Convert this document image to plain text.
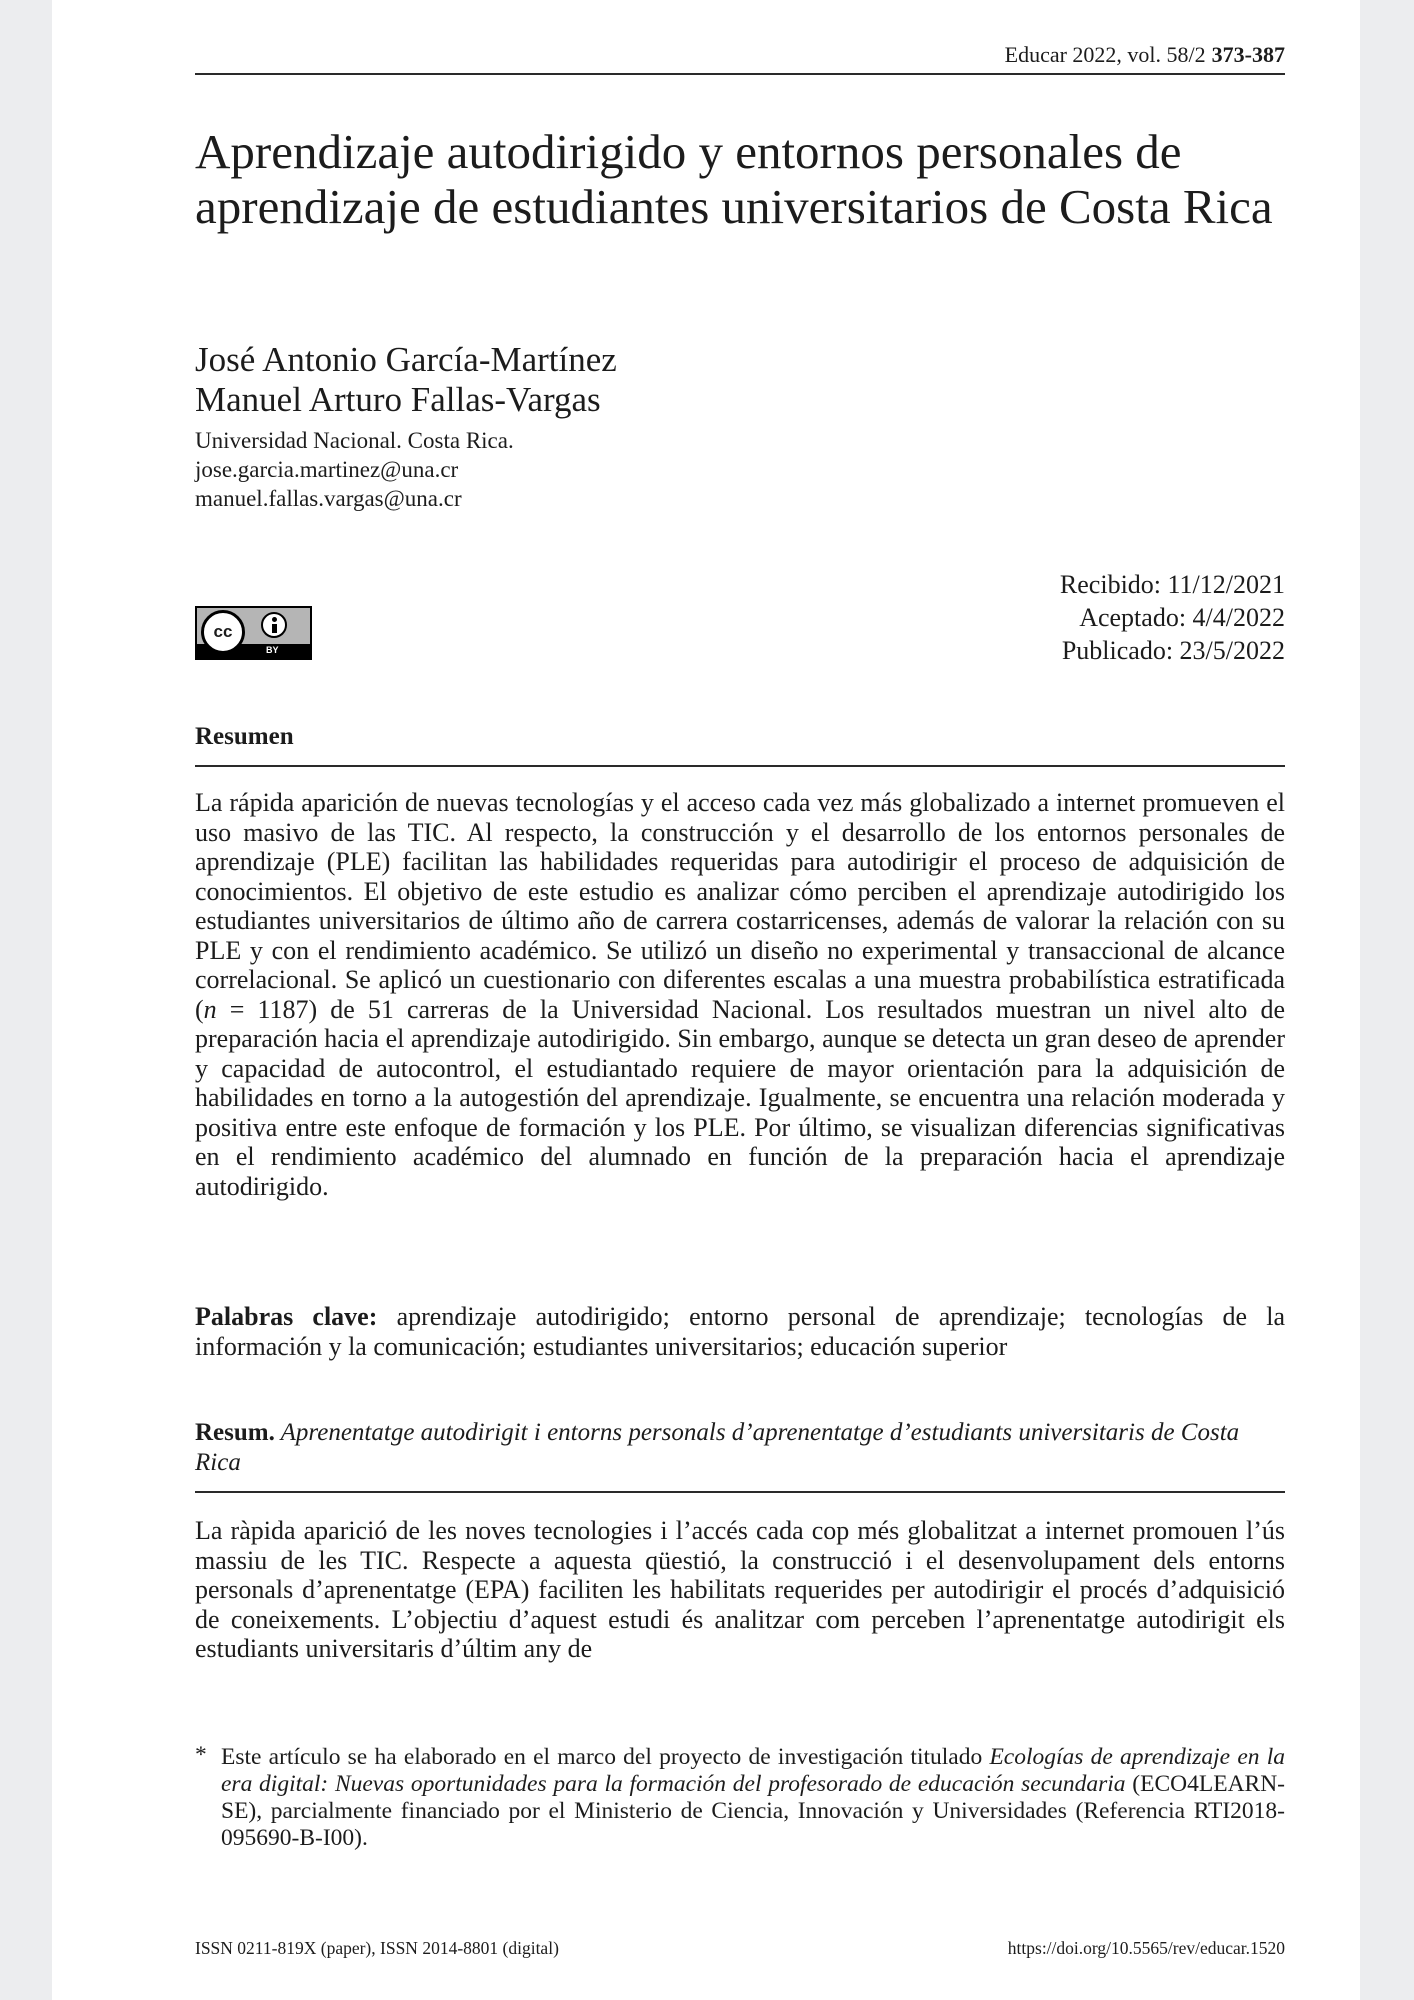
Educar 2022, vol. 58/2 373-387
Aprendizaje autodirigido y entornos personales de aprendizaje de estudiantes universitarios de Costa Rica
José Antonio García-Martínez
Manuel Arturo Fallas-Vargas
Universidad Nacional. Costa Rica.
jose.garcia.martinez@una.cr
manuel.fallas.vargas@una.cr
cc
BY
Recibido: 11/12/2021
Aceptado: 4/4/2022
Publicado: 23/5/2022
Resumen

La rápida aparición de nuevas tecnologías y el acceso cada vez más globalizado a internet promueven el uso masivo de las TIC. Al respecto, la construcción y el desarrollo de los entornos personales de aprendizaje (PLE) facilitan las habilidades requeridas para autodirigir el proceso de adquisición de conocimientos. El objetivo de este estudio es analizar cómo perciben el aprendizaje autodirigido los estudiantes universitarios de último año de carrera costarricenses, además de valorar la relación con su PLE y con el rendimiento académico. Se utilizó un diseño no experimental y transaccional de alcance correlacional. Se aplicó un cuestionario con diferentes escalas a una muestra probabilística estratificada (n = 1187) de 51 carreras de la Universidad Nacional. Los resultados muestran un nivel alto de preparación hacia el aprendizaje autodirigido. Sin embargo, aunque se detecta un gran deseo de aprender y capacidad de autocontrol, el estudiantado requiere de mayor orientación para la adquisición de habilidades en torno a la autogestión del aprendizaje. Igualmente, se encuentra una relación moderada y positiva entre este enfoque de formación y los PLE. Por último, se visualizan diferencias significativas en el rendimiento académico del alumnado en función de la preparación hacia el aprendizaje autodirigido.

Palabras clave: aprendizaje autodirigido; entorno personal de aprendizaje; tecnologías de la información y la comunicación; estudiantes universitarios; educación superior
Resum. Aprenentatge autodirigit i entorns personals d’aprenentatge d’estudiants universitaris de Costa Rica

La ràpida aparició de les noves tecnologies i l’accés cada cop més globalitzat a internet promouen l’ús massiu de les TIC. Respecte a aquesta qüestió, la construcció i el desenvolupament dels entorns personals d’aprenentatge (EPA) faciliten les habilitats requerides per autodirigir el procés d’adquisició de coneixements. L’objectiu d’aquest estudi és analitzar com perceben l’aprenentatge autodirigit els estudiants universitaris d’últim any de

* Este artículo se ha elaborado en el marco del proyecto de investigación titulado Ecologías de aprendizaje en la era digital: Nuevas oportunidades para la formación del profesorado de educación secundaria (ECO4LEARN-SE), parcialmente financiado por el Ministerio de Ciencia, Innovación y Universidades (Referencia RTI2018-095690-B-I00).
ISSN 0211-819X (paper), ISSN 2014-8801 (digital)	https://doi.org/10.5565/rev/educar.1520
